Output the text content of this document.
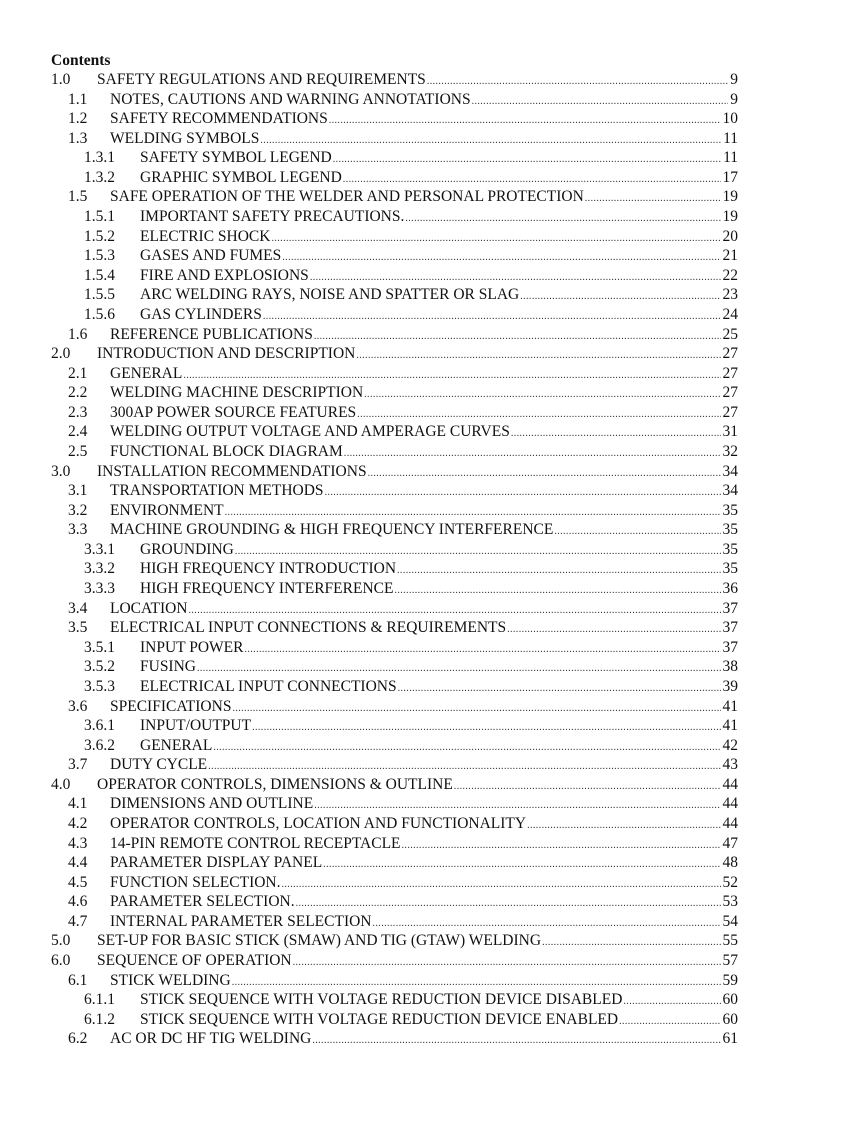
Contents
1.0 SAFETY REGULATIONS AND REQUIREMENTS .....	9
1.1 NOTES, CAUTIONS AND WARNING ANNOTATIONS .....	9
1.2 SAFETY RECOMMENDATIONS .....	10
1.3 WELDING SYMBOLS .....	11
1.3.1 SAFETY SYMBOL LEGEND .....	11
1.3.2 GRAPHIC SYMBOL LEGEND .....	17
1.5 SAFE OPERATION OF THE WELDER AND PERSONAL PROTECTION .....	19
1.5.1 IMPORTANT SAFETY PRECAUTIONS. .....	19
1.5.2 ELECTRIC SHOCK .....	20
1.5.3 GASES AND FUMES .....	21
1.5.4 FIRE AND EXPLOSIONS .....	22
1.5.5 ARC WELDING RAYS, NOISE AND SPATTER OR SLAG .....	23
1.5.6 GAS CYLINDERS .....	24
1.6 REFERENCE PUBLICATIONS .....	25
2.0 INTRODUCTION AND DESCRIPTION .....	27
2.1 GENERAL .....	27
2.2 WELDING MACHINE DESCRIPTION .....	27
2.3 300AP POWER SOURCE FEATURES .....	27
2.4 WELDING OUTPUT VOLTAGE AND AMPERAGE CURVES .....	31
2.5 FUNCTIONAL BLOCK DIAGRAM .....	32
3.0 INSTALLATION RECOMMENDATIONS .....	34
3.1 TRANSPORTATION METHODS .....	34
3.2 ENVIRONMENT .....	35
3.3 MACHINE GROUNDING & HIGH FREQUENCY INTERFERENCE .....	35
3.3.1 GROUNDING .....	35
3.3.2 HIGH FREQUENCY INTRODUCTION .....	35
3.3.3 HIGH FREQUENCY INTERFERENCE .....	36
3.4 LOCATION .....	37
3.5 ELECTRICAL INPUT CONNECTIONS & REQUIREMENTS .....	37
3.5.1 INPUT POWER .....	37
3.5.2 FUSING .....	38
3.5.3 ELECTRICAL INPUT CONNECTIONS .....	39
3.6 SPECIFICATIONS .....	41
3.6.1 INPUT/OUTPUT .....	41
3.6.2 GENERAL .....	42
3.7 DUTY CYCLE .....	43
4.0 OPERATOR CONTROLS, DIMENSIONS & OUTLINE .....	44
4.1 DIMENSIONS AND OUTLINE .....	44
4.2 OPERATOR CONTROLS, LOCATION AND FUNCTIONALITY .....	44
4.3 14-PIN REMOTE CONTROL RECEPTACLE .....	47
4.4 PARAMETER DISPLAY PANEL .....	48
4.5 FUNCTION SELECTION. .....	52
4.6 PARAMETER SELECTION. .....	53
4.7 INTERNAL PARAMETER SELECTION .....	54
5.0 SET-UP FOR BASIC STICK (SMAW) AND TIG (GTAW) WELDING .....	55
6.0 SEQUENCE OF OPERATION .....	57
6.1 STICK WELDING .....	59
6.1.1 STICK SEQUENCE WITH VOLTAGE REDUCTION DEVICE DISABLED .....	60
6.1.2 STICK SEQUENCE WITH VOLTAGE REDUCTION DEVICE ENABLED .....	60
6.2 AC OR DC HF TIG WELDING .....	61
